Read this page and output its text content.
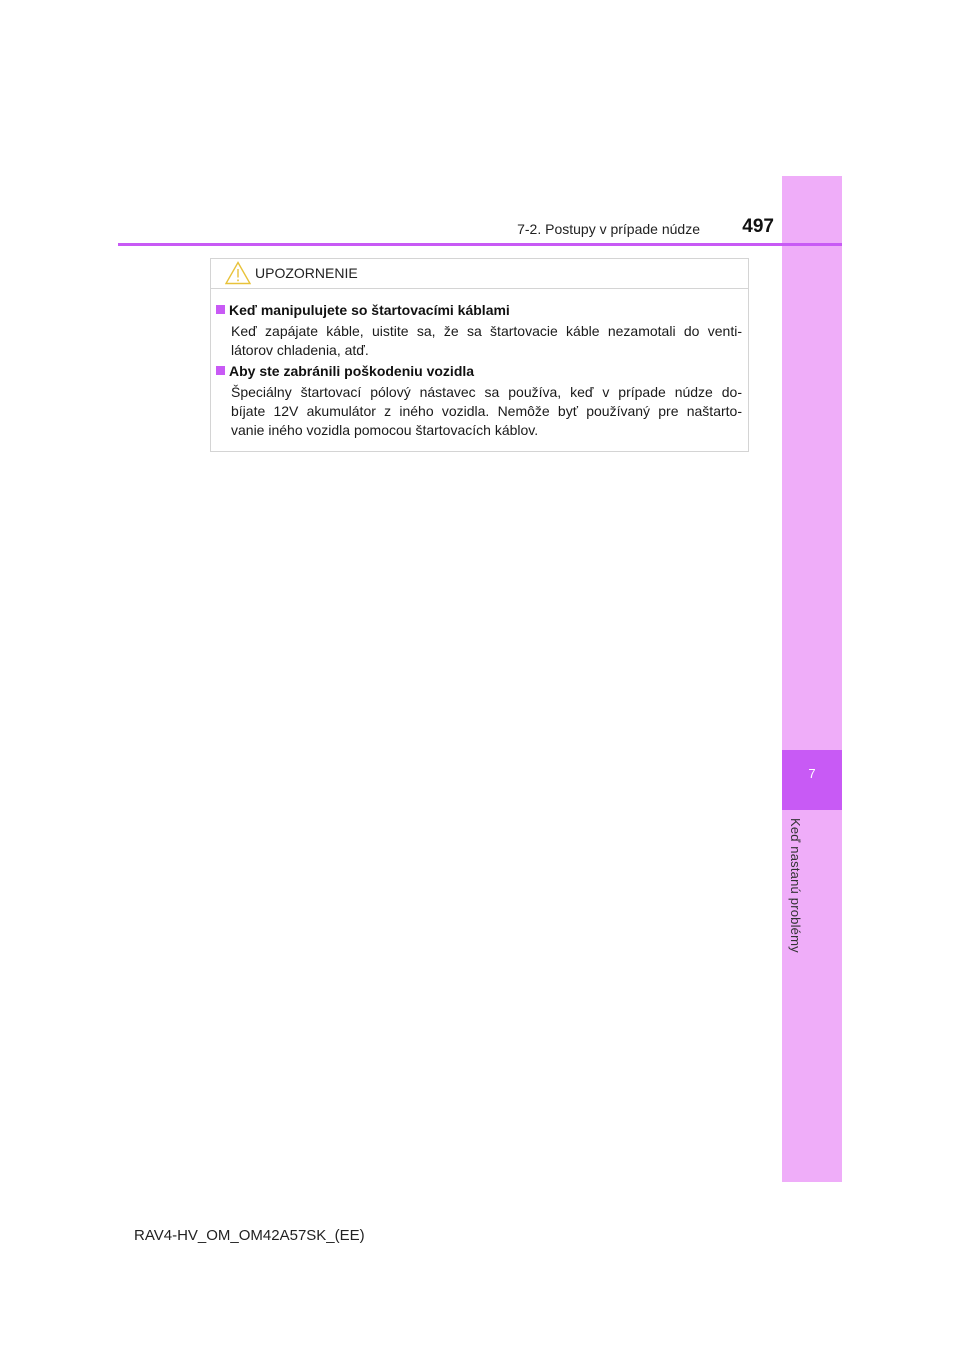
7
Keď nastanú problémy
7-2. Postupy v prípade núdze	497
UPOZORNENIE
Keď manipulujete so štartovacími káblami
Keď zapájate káble, uistite sa, že sa štartovacie káble nezamotali do venti-
látorov chladenia, atď.
Aby ste zabránili poškodeniu vozidla
Špeciálny štartovací pólový nástavec sa používa, keď v prípade núdze do-
bíjate 12V akumulátor z iného vozidla. Nemôže byť používaný pre naštarto-
vanie iného vozidla pomocou štartovacích káblov.
RAV4-HV_OM_OM42A57SK_(EE)
